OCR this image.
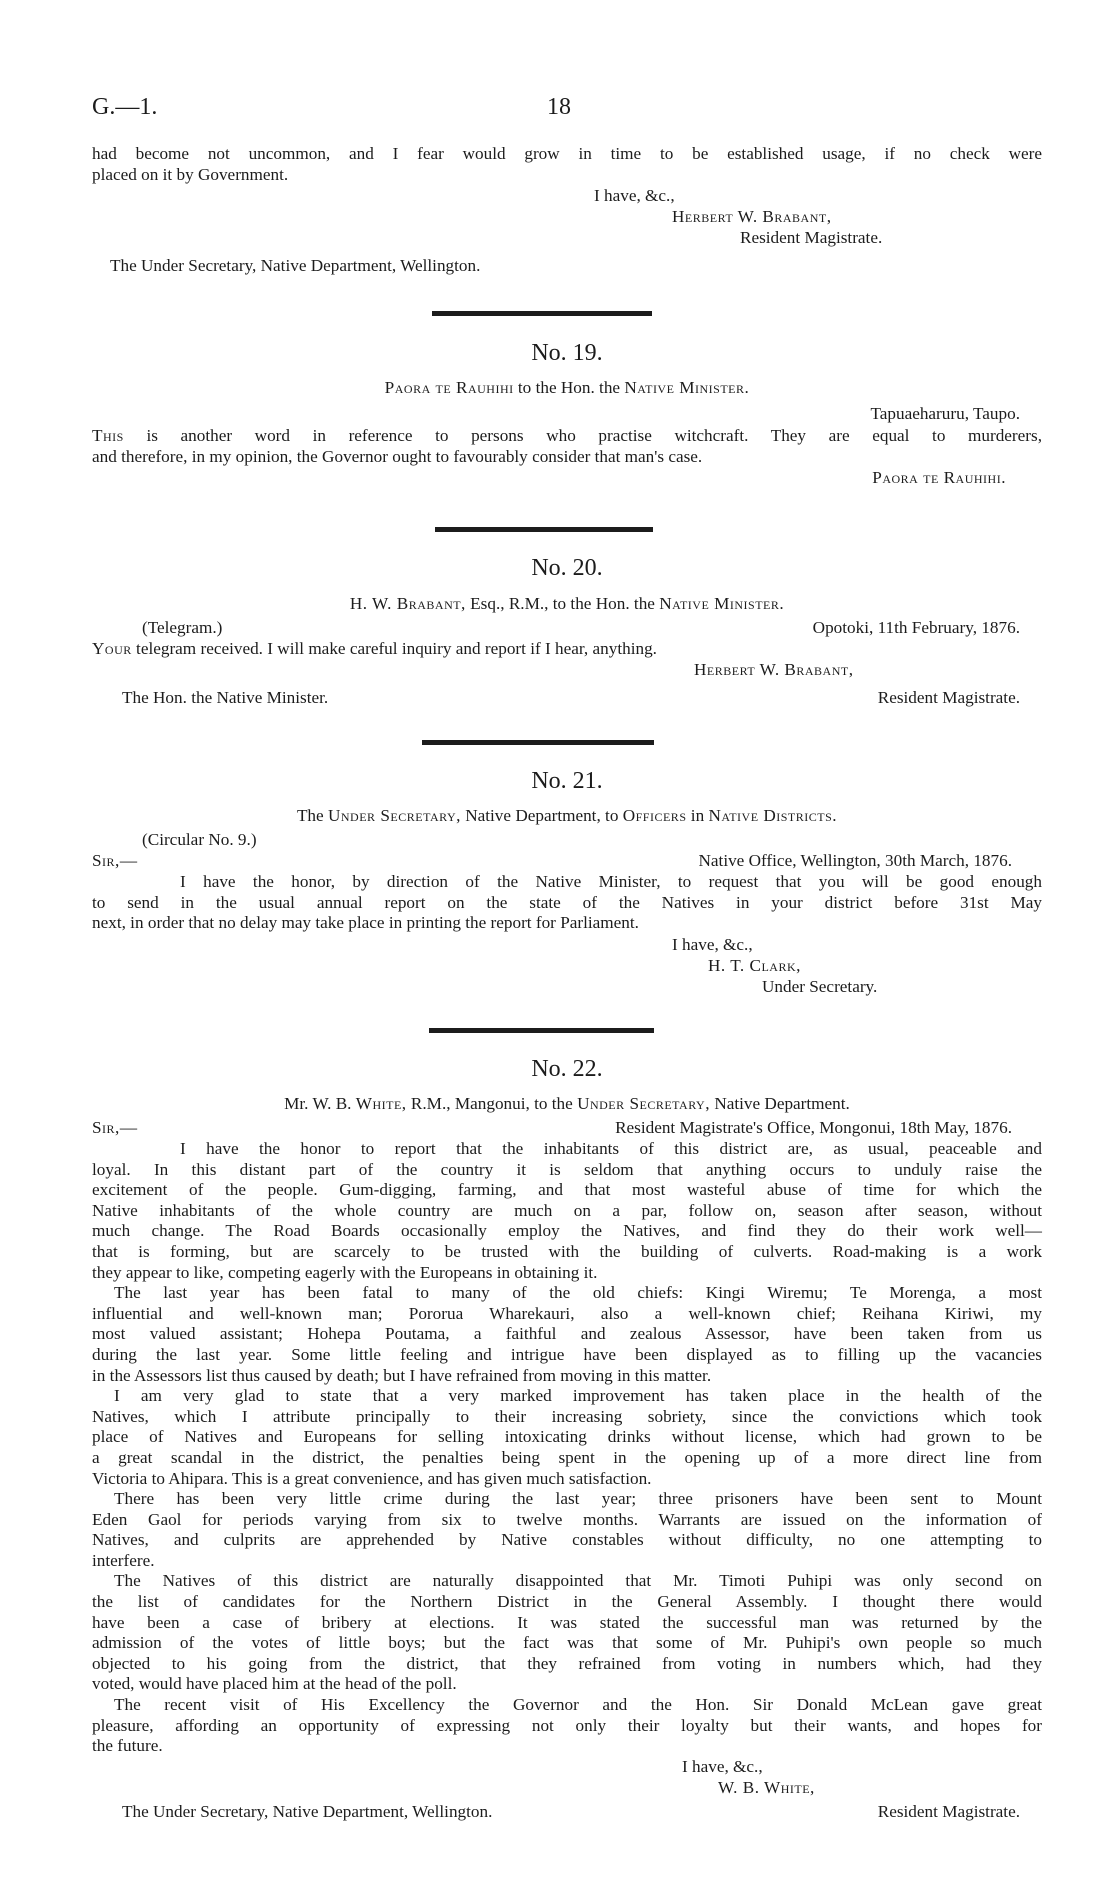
G.—1.	18
had become not uncommon, and I fear would grow in time to be established usage, if no check were
placed on it by Government.
I have, &c.,
Herbert W. Brabant,
Resident Magistrate.
The Under Secretary, Native Department, Wellington.
No. 19.
Paora te Rauhihi to the Hon. the Native Minister.
Tapuaeharuru, Taupo.
This is another word in reference to persons who practise witchcraft. They are equal to murderers,
and therefore, in my opinion, the Governor ought to favourably consider that man's case.
Paora te Rauhihi.
No. 20.
H. W. Brabant, Esq., R.M., to the Hon. the Native Minister.
(Telegram.)	Opotoki, 11th February, 1876.
Your telegram received. I will make careful inquiry and report if I hear, anything.
Herbert W. Brabant,
The Hon. the Native Minister.	Resident Magistrate.
No. 21.
The Under Secretary, Native Department, to Officers in Native Districts.
(Circular No. 9.)
Sir,—	Native Office, Wellington, 30th March, 1876.
I have the honor, by direction of the Native Minister, to request that you will be good enough
to send in the usual annual report on the state of the Natives in your district before 31st May
next, in order that no delay may take place in printing the report for Parliament.
I have, &c.,
H. T. Clark,
Under Secretary.
No. 22.
Mr. W. B. White, R.M., Mangonui, to the Under Secretary, Native Department.
Sir,—	Resident Magistrate's Office, Mongonui, 18th May, 1876.
I have the honor to report that the inhabitants of this district are, as usual, peaceable and
loyal. In this distant part of the country it is seldom that anything occurs to unduly raise the
excitement of the people. Gum-digging, farming, and that most wasteful abuse of time for which the
Native inhabitants of the whole country are much on a par, follow on, season after season, without
much change. The Road Boards occasionally employ the Natives, and find they do their work well—
that is forming, but are scarcely to be trusted with the building of culverts. Road-making is a work
they appear to like, competing eagerly with the Europeans in obtaining it.
The last year has been fatal to many of the old chiefs: Kingi Wiremu; Te Morenga, a most
influential and well-known man; Pororua Wharekauri, also a well-known chief; Reihana Kiriwi, my
most valued assistant; Hohepa Poutama, a faithful and zealous Assessor, have been taken from us
during the last year. Some little feeling and intrigue have been displayed as to filling up the vacancies
in the Assessors list thus caused by death; but I have refrained from moving in this matter.
I am very glad to state that a very marked improvement has taken place in the health of the
Natives, which I attribute principally to their increasing sobriety, since the convictions which took
place of Natives and Europeans for selling intoxicating drinks without license, which had grown to be
a great scandal in the district, the penalties being spent in the opening up of a more direct line from
Victoria to Ahipara. This is a great convenience, and has given much satisfaction.
There has been very little crime during the last year; three prisoners have been sent to Mount
Eden Gaol for periods varying from six to twelve months. Warrants are issued on the information of
Natives, and culprits are apprehended by Native constables without difficulty, no one attempting to
interfere.
The Natives of this district are naturally disappointed that Mr. Timoti Puhipi was only second on
the list of candidates for the Northern District in the General Assembly. I thought there would
have been a case of bribery at elections. It was stated the successful man was returned by the
admission of the votes of little boys; but the fact was that some of Mr. Puhipi's own people so much
objected to his going from the district, that they refrained from voting in numbers which, had they
voted, would have placed him at the head of the poll.
The recent visit of His Excellency the Governor and the Hon. Sir Donald McLean gave great
pleasure, affording an opportunity of expressing not only their loyalty but their wants, and hopes for
the future.
I have, &c.,
W. B. White,
The Under Secretary, Native Department, Wellington.	Resident Magistrate.
